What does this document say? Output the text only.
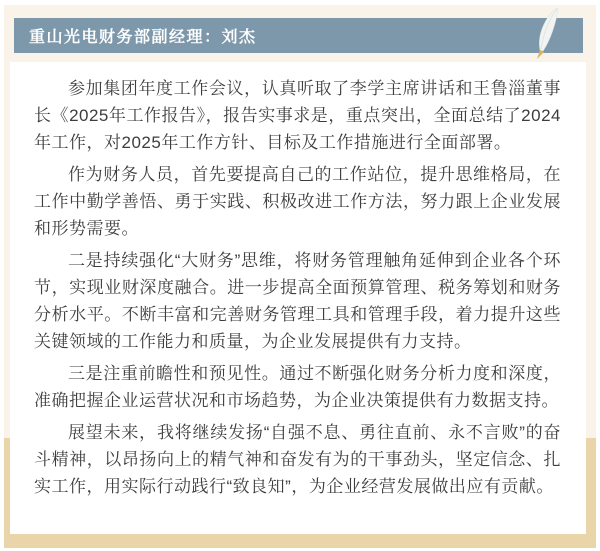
重山光电财务部副经理：刘杰

参加集团年度工作会议，认真听取了李学主席讲话和王鲁淄董事长《2025年工作报告》，报告实事求是，重点突出，全面总结了2024年工作，对2025年工作方针、目标及工作措施进行全面部署。

作为财务人员，首先要提高自己的工作站位，提升思维格局，在工作中勤学善悟、勇于实践、积极改进工作方法，努力跟上企业发展和形势需要。

二是持续强化“大财务”思维，将财务管理触角延伸到企业各个环节，实现业财深度融合。进一步提高全面预算管理、税务筹划和财务分析水平。不断丰富和完善财务管理工具和管理手段，着力提升这些关键领域的工作能力和质量，为企业发展提供有力支持。

三是注重前瞻性和预见性。通过不断强化财务分析力度和深度，准确把握企业运营状况和市场趋势，为企业决策提供有力数据支持。

展望未来，我将继续发扬“自强不息、勇往直前、永不言败”的奋斗精神，以昂扬向上的精气神和奋发有为的干事劲头，坚定信念、扎实工作，用实际行动践行“致良知”，为企业经营发展做出应有贡献。
